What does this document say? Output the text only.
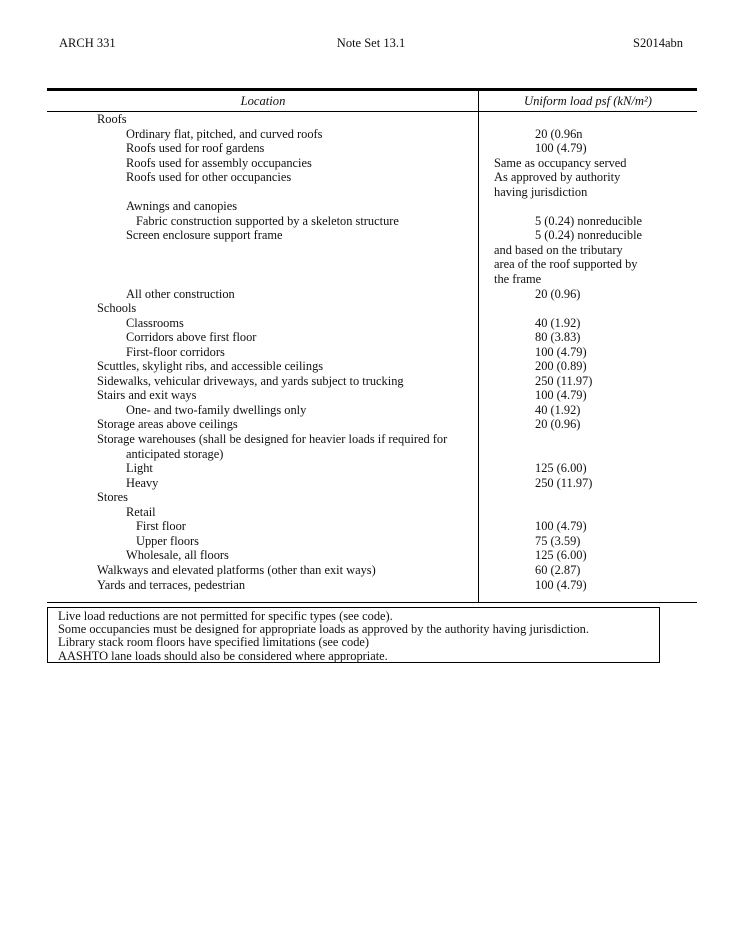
ARCH 331	Note Set 13.1	S2014abn
Location	Uniform load psf (kN/m²)
Roofs
Ordinary flat, pitched, and curved roofs	20 (0.96n
Roofs used for roof gardens	100 (4.79)
Roofs used for assembly occupancies	Same as occupancy served
Roofs used for other occupancies	As approved by authority
having jurisdiction
Awnings and canopies
Fabric construction supported by a skeleton structure	5 (0.24) nonreducible
Screen enclosure support frame	5 (0.24) nonreducible
and based on the tributary
area of the roof supported by
the frame
All other construction	20 (0.96)
Schools
Classrooms	40 (1.92)
Corridors above first floor	80 (3.83)
First-floor corridors	100 (4.79)
Scuttles, skylight ribs, and accessible ceilings	200 (0.89)
Sidewalks, vehicular driveways, and yards subject to trucking	250 (11.97)
Stairs and exit ways	100 (4.79)
One- and two-family dwellings only	40 (1.92)
Storage areas above ceilings	20 (0.96)
Storage warehouses (shall be designed for heavier loads if required for
anticipated storage)
Light	125 (6.00)
Heavy	250 (11.97)
Stores
Retail
First floor	100 (4.79)
Upper floors	75 (3.59)
Wholesale, all floors	125 (6.00)
Walkways and elevated platforms (other than exit ways)	60 (2.87)
Yards and terraces, pedestrian	100 (4.79)
Live load reductions are not permitted for specific types (see code).
Some occupancies must be designed for appropriate loads as approved by the authority having jurisdiction.
Library stack room floors have specified limitations (see code)
AASHTO lane loads should also be considered where appropriate.
